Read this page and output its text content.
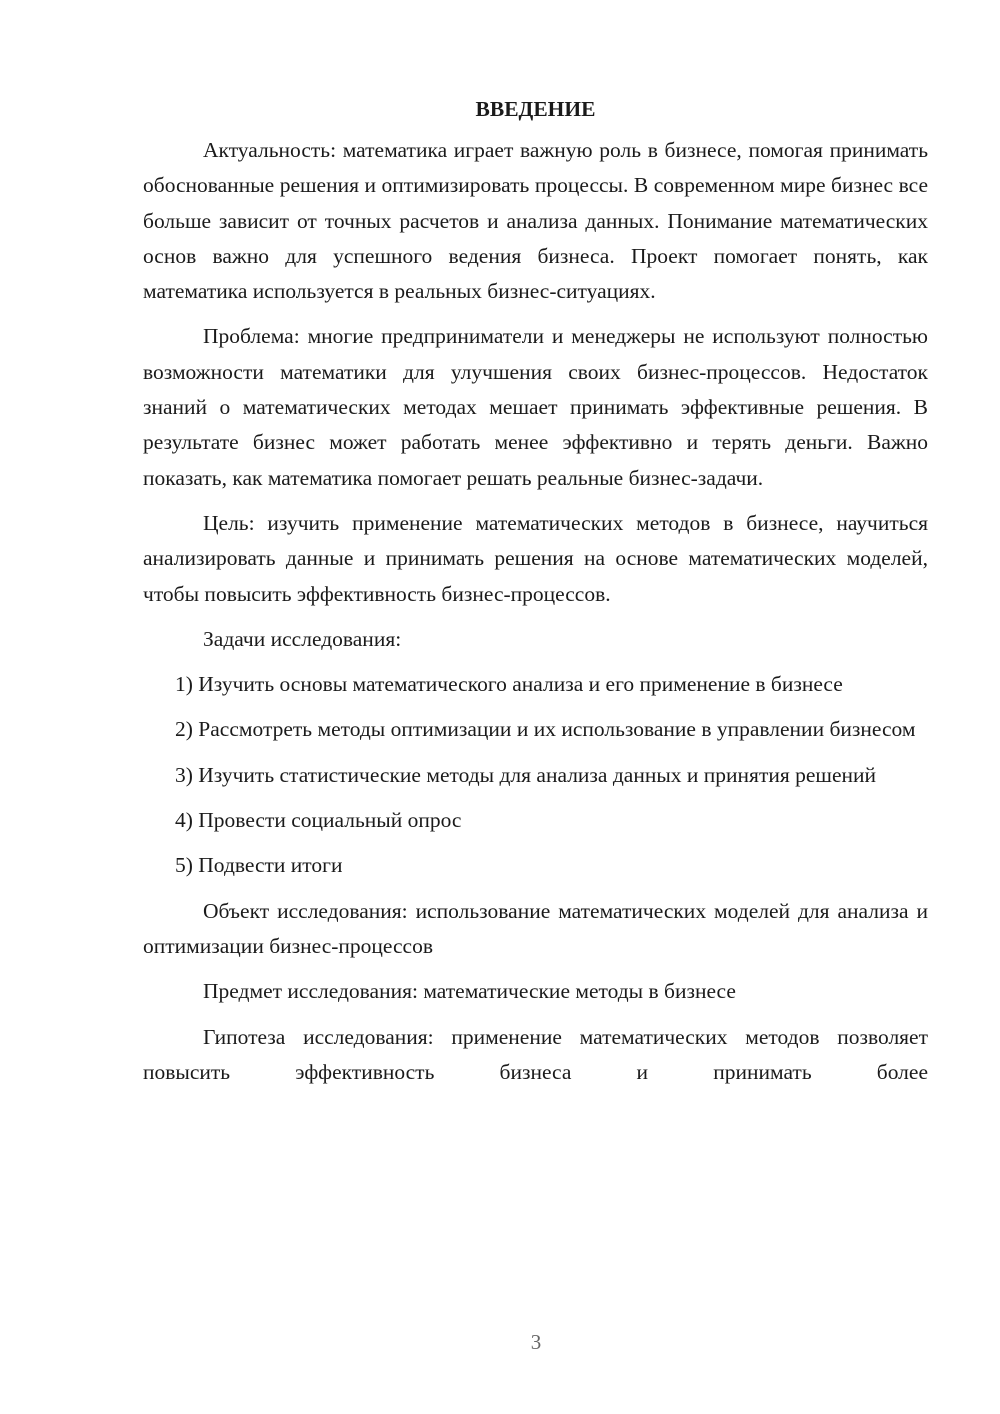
ВВЕДЕНИЕ

Актуальность: математика играет важную роль в бизнесе, помогая принимать обоснованные решения и оптимизировать процессы. В современном мире бизнес все больше зависит от точных расчетов и анализа данных. Понимание математических основ важно для успешного ведения бизнеса. Проект помогает понять, как математика используется в реальных бизнес-ситуациях.

Проблема: многие предприниматели и менеджеры не используют полностью возможности математики для улучшения своих бизнес-процессов. Недостаток знаний о математических методах мешает принимать эффективные решения. В результате бизнес может работать менее эффективно и терять деньги. Важно показать, как математика помогает решать реальные бизнес-задачи.

Цель: изучить применение математических методов в бизнесе, научиться анализировать данные и принимать решения на основе математических моделей, чтобы повысить эффективность бизнес-процессов.

Задачи исследования:

1) Изучить основы математического анализа и его применение в бизнесе

2) Рассмотреть методы оптимизации и их использование в управлении бизнесом

3) Изучить статистические методы для анализа данных и принятия решений

4) Провести социальный опрос

5) Подвести итоги

Объект исследования: использование математических моделей для анализа и оптимизации бизнес-процессов

Предмет исследования: математические методы в бизнесе

Гипотеза исследования: применение математических методов позволяет повысить эффективность бизнеса и принимать более

3
